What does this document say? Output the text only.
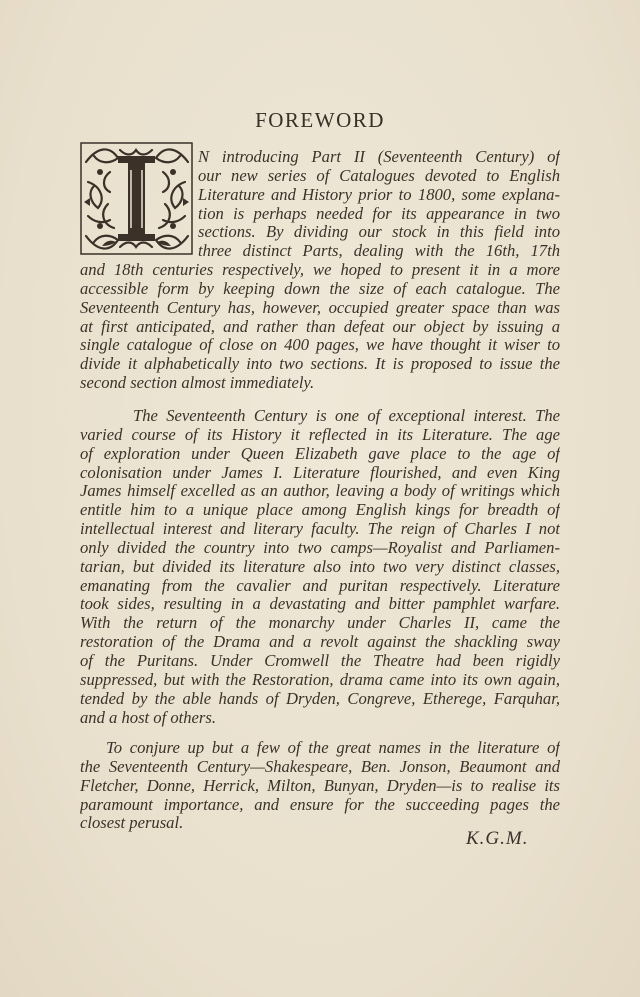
FOREWORD
N introducing Part II (Seventeenth Century) of
our new series of Catalogues devoted to English
Literature and History prior to 1800, some explana-
tion is perhaps needed for its appearance in two
sections. By dividing our stock in this field into
three distinct Parts, dealing with the 16th, 17th
and 18th centuries respectively, we hoped to present it in a more
accessible form by keeping down the size of each catalogue. The
Seventeenth Century has, however, occupied greater space than was
at first anticipated, and rather than defeat our object by issuing a
single catalogue of close on 400 pages, we have thought it wiser to
divide it alphabetically into two sections. It is proposed to issue the
second section almost immediately.
The Seventeenth Century is one of exceptional interest. The
varied course of its History it reflected in its Literature. The age
of exploration under Queen Elizabeth gave place to the age of
colonisation under James I. Literature flourished, and even King
James himself excelled as an author, leaving a body of writings which
entitle him to a unique place among English kings for breadth of
intellectual interest and literary faculty. The reign of Charles I not
only divided the country into two camps—Royalist and Parliamen-
tarian, but divided its literature also into two very distinct classes,
emanating from the cavalier and puritan respectively. Literature
took sides, resulting in a devastating and bitter pamphlet warfare.
With the return of the monarchy under Charles II, came the
restoration of the Drama and a revolt against the shackling sway
of the Puritans. Under Cromwell the Theatre had been rigidly
suppressed, but with the Restoration, drama came into its own again,
tended by the able hands of Dryden, Congreve, Etherege, Farquhar,
and a host of others.
To conjure up but a few of the great names in the literature of
the Seventeenth Century—Shakespeare, Ben. Jonson, Beaumont and
Fletcher, Donne, Herrick, Milton, Bunyan, Dryden—is to realise its
paramount importance, and ensure for the succeeding pages the
closest perusal.
K.G.M.
